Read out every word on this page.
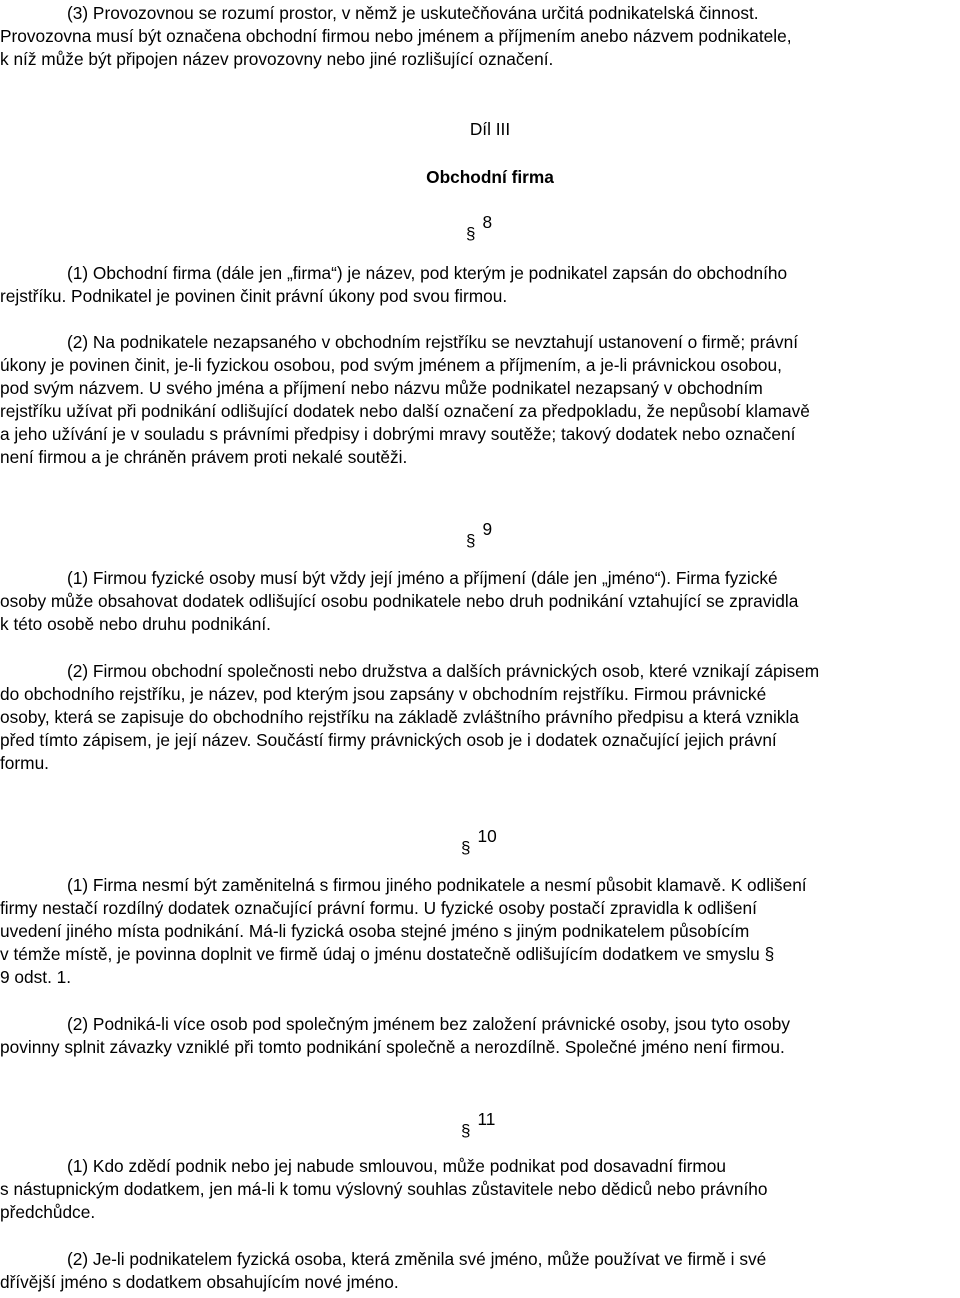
(3) Provozovnou se rozumí prostor, v němž je uskutečňována určitá podnikatelská činnost.

Provozovna musí být označena obchodní firmou nebo jménem a příjmením anebo názvem podnikatele,

k níž může být připojen název provozovny nebo jiné rozlišující označení.

Díl III

Obchodní firma

§8

(1) Obchodní firma (dále jen „firma“) je název, pod kterým je podnikatel zapsán do obchodního

rejstříku. Podnikatel je povinen činit právní úkony pod svou firmou.

(2) Na podnikatele nezapsaného v obchodním rejstříku se nevztahují ustanovení o firmě; právní

úkony je povinen činit, je-li fyzickou osobou, pod svým jménem a příjmením, a je-li právnickou osobou,

pod svým názvem. U svého jména a příjmení nebo názvu může podnikatel nezapsaný v obchodním

rejstříku užívat při podnikání odlišující dodatek nebo další označení za předpokladu, že nepůsobí klamavě

a jeho užívání je v souladu s právními předpisy i dobrými mravy soutěže; takový dodatek nebo označení

není firmou a je chráněn právem proti nekalé soutěži.

§9

(1) Firmou fyzické osoby musí být vždy její jméno a příjmení (dále jen „jméno“). Firma fyzické

osoby může obsahovat dodatek odlišující osobu podnikatele nebo druh podnikání vztahující se zpravidla

k této osobě nebo druhu podnikání.

(2) Firmou obchodní společnosti nebo družstva a dalších právnických osob, které vznikají zápisem

do obchodního rejstříku, je název, pod kterým jsou zapsány v obchodním rejstříku. Firmou právnické

osoby, která se zapisuje do obchodního rejstříku na základě zvláštního právního předpisu a která vznikla

před tímto zápisem, je její název. Součástí firmy právnických osob je i dodatek označující jejich právní

formu.

§10

(1) Firma nesmí být zaměnitelná s firmou jiného podnikatele a nesmí působit klamavě. K odlišení

firmy nestačí rozdílný dodatek označující právní formu. U fyzické osoby postačí zpravidla k odlišení

uvedení jiného místa podnikání. Má-li fyzická osoba stejné jméno s jiným podnikatelem působícím

v témže místě, je povinna doplnit ve firmě údaj o jménu dostatečně odlišujícím dodatkem ve smyslu §

9 odst. 1.

(2) Podniká-li více osob pod společným jménem bez založení právnické osoby, jsou tyto osoby

povinny splnit závazky vzniklé při tomto podnikání společně a nerozdílně. Společné jméno není firmou.

§11

(1) Kdo zdědí podnik nebo jej nabude smlouvou, může podnikat pod dosavadní firmou

s nástupnickým dodatkem, jen má-li k tomu výslovný souhlas zůstavitele nebo dědiců nebo právního

předchůdce.

(2) Je-li podnikatelem fyzická osoba, která změnila své jméno, může používat ve firmě i své

dřívější jméno s dodatkem obsahujícím nové jméno.
